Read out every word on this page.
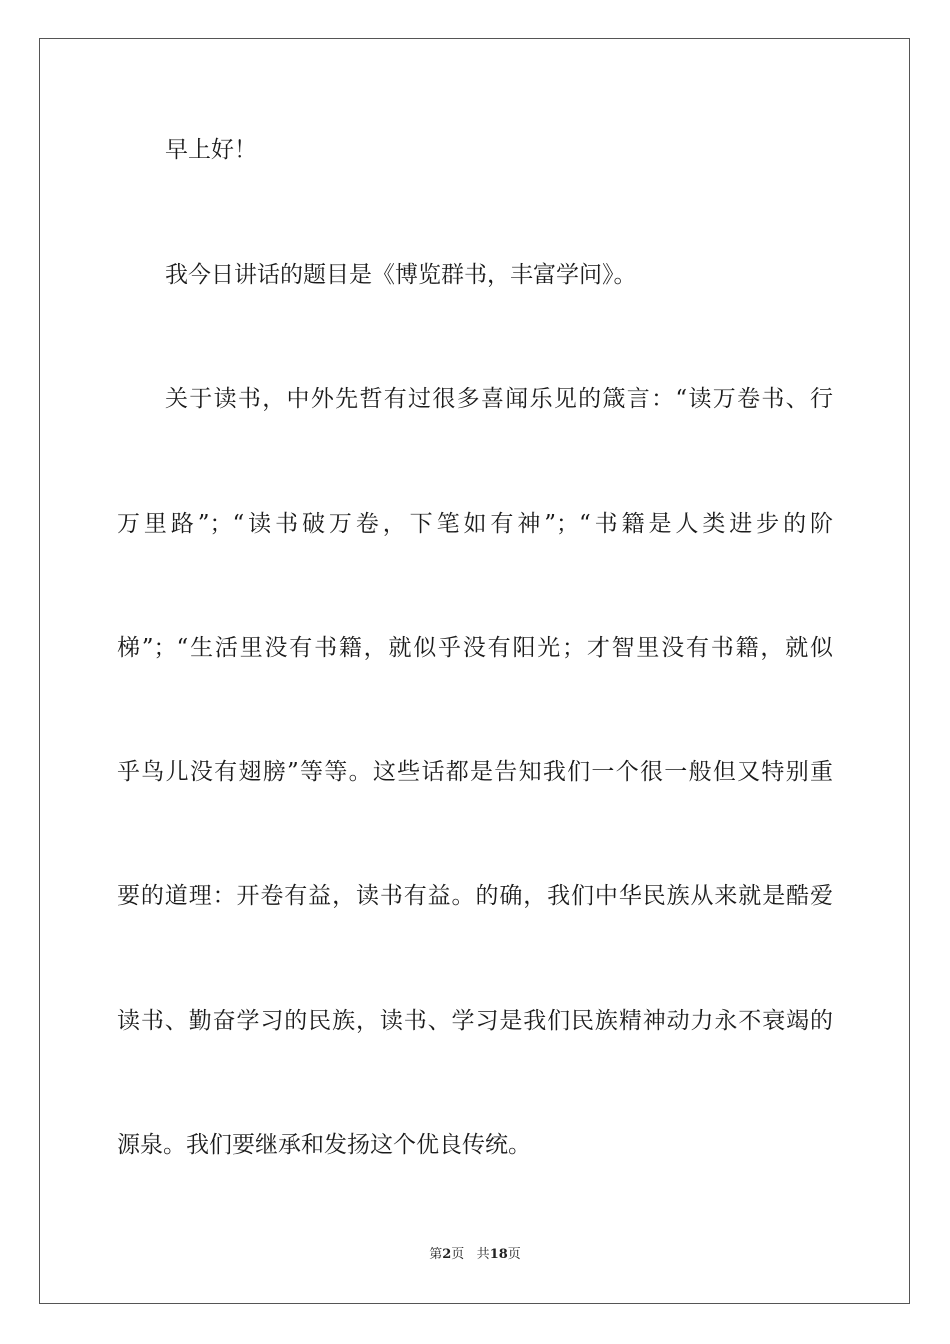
早上好！
我今日讲话的题目是《博览群书，丰富学问》。
关于读书，中外先哲有过很多喜闻乐见的箴言：“读万卷书、行
万里路”；“读书破万卷，下笔如有神”；“书籍是人类进步的阶
梯”；“生活里没有书籍，就似乎没有阳光；才智里没有书籍，就似
乎鸟儿没有翅膀”等等。这些话都是告知我们一个很一般但又特别重
要的道理：开卷有益，读书有益。的确，我们中华民族从来就是酷爱
读书、勤奋学习的民族，读书、学习是我们民族精神动力永不衰竭的
源泉。我们要继承和发扬这个优良传统。
第2页 共18页
